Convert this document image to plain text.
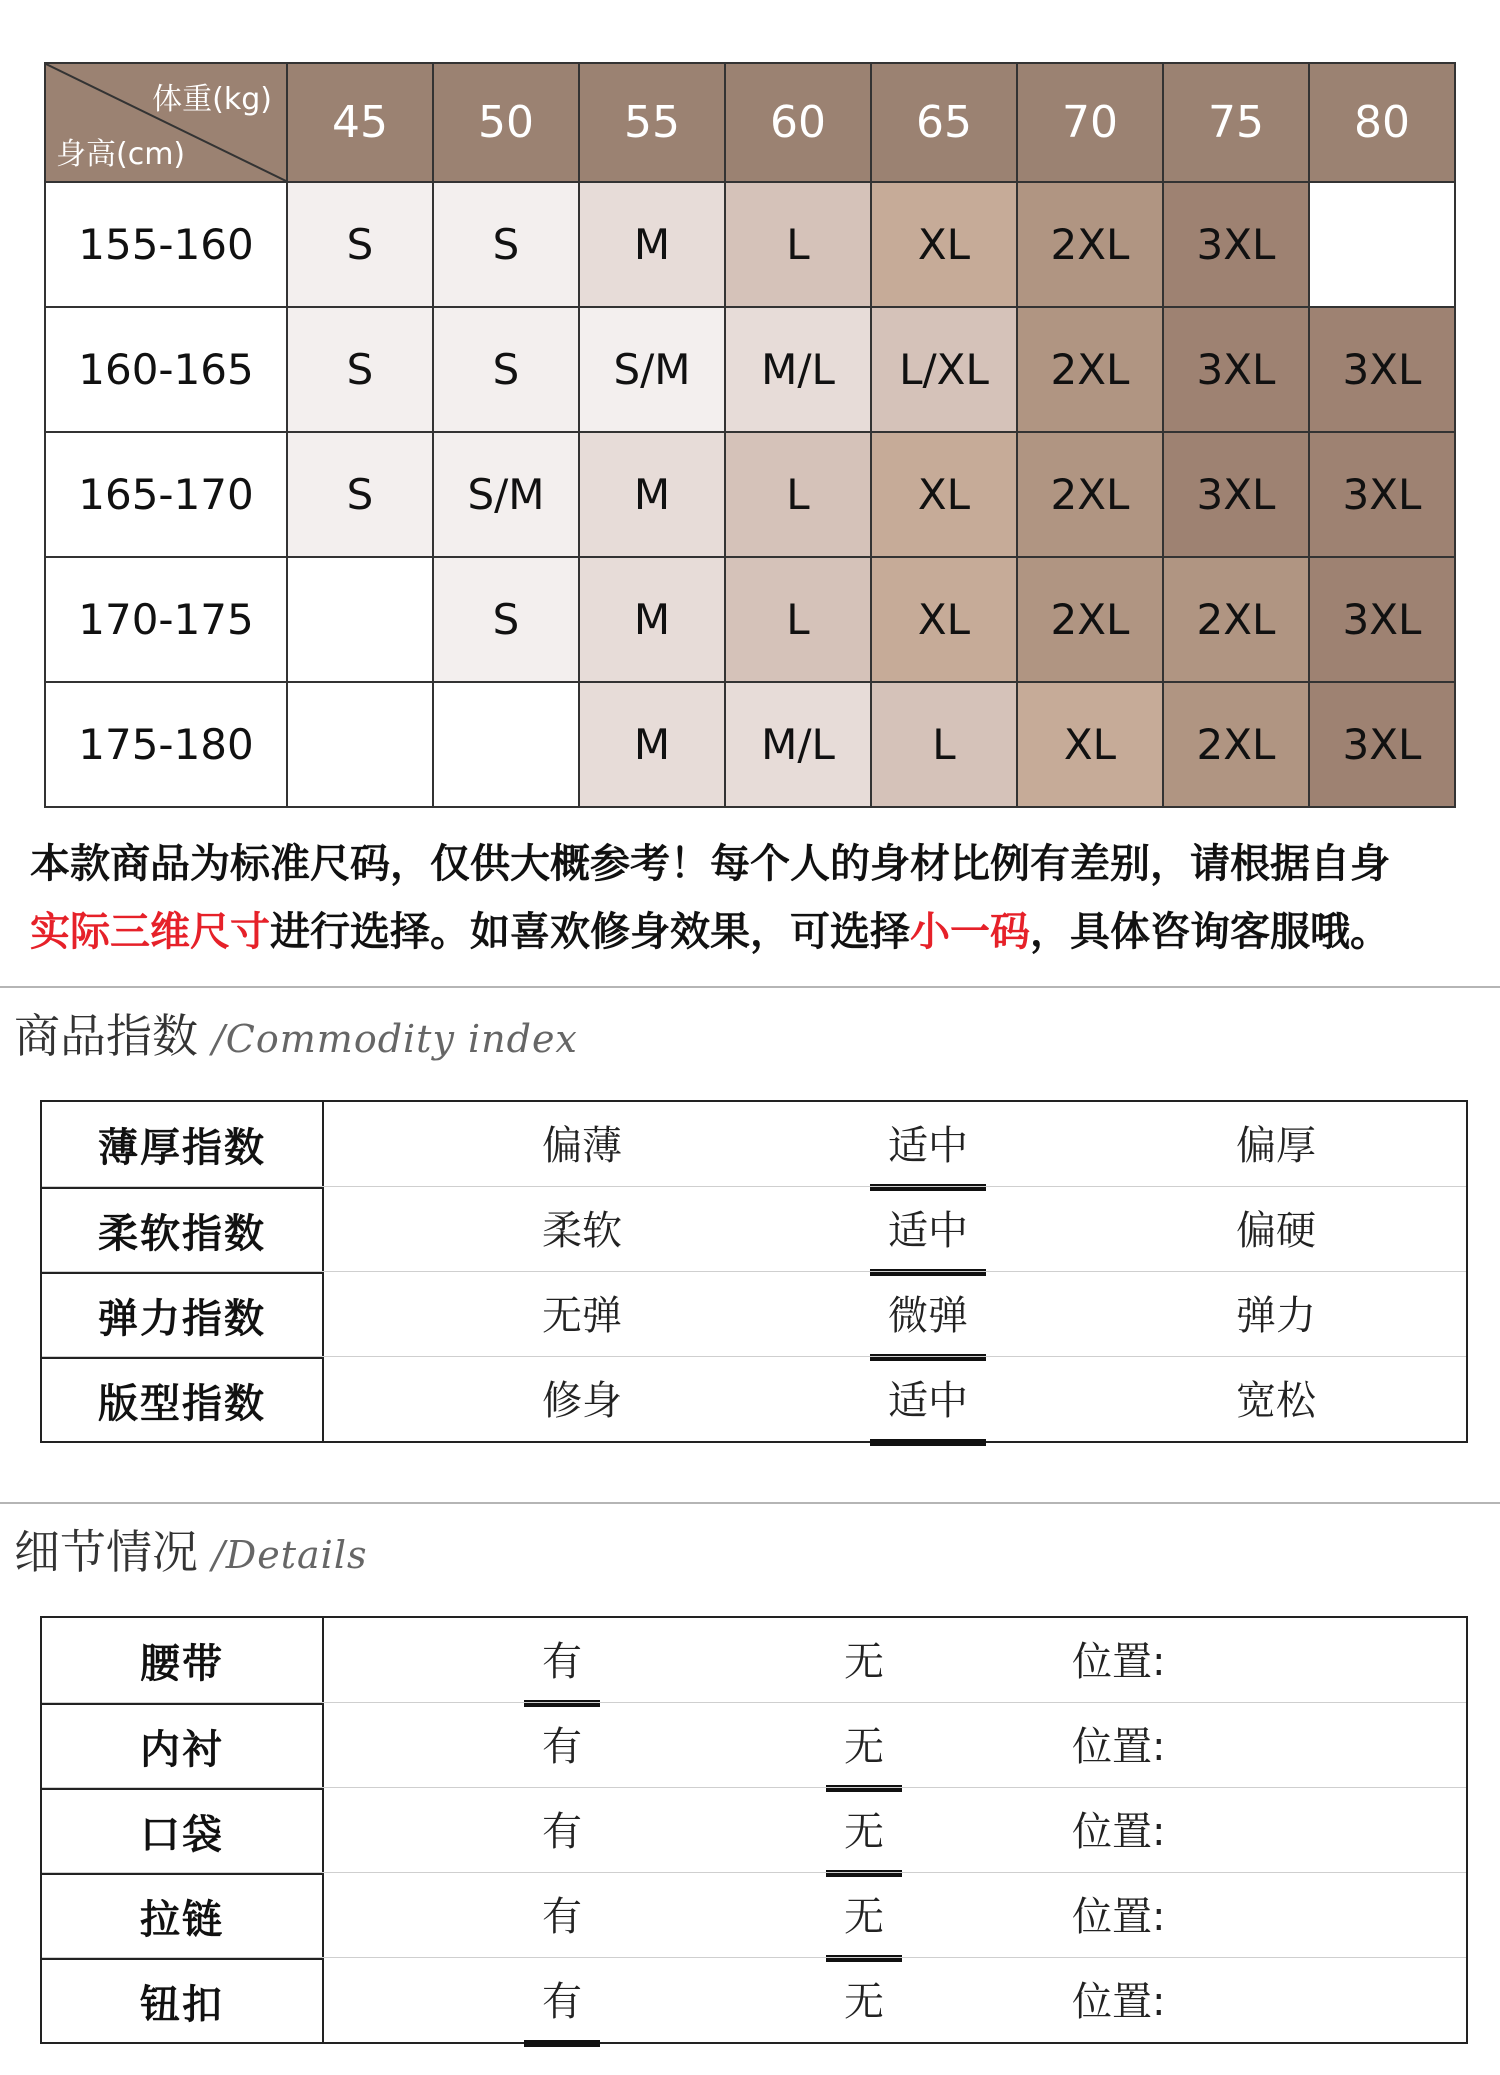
体重(kg)
身高(cm)	45	50	55	60	65	70	75	80
155-160	S	S	M	L	XL	2XL	3XL	
160-165	S	S	S/M	M/L	L/XL	2XL	3XL	3XL
165-170	S	S/M	M	L	XL	2XL	3XL	3XL
170-175		S	M	L	XL	2XL	2XL	3XL
175-180			M	M/L	L	XL	2XL	3XL
本款商品为标准尺码，仅供大概参考！每个人的身材比例有差别，请根据自身
实际三维尺寸进行选择。如喜欢修身效果，可选择小一码，具体咨询客服哦。
商品指数 /Commodity index
薄厚指数	偏薄	适中	偏厚
柔软指数	柔软	适中	偏硬
弹力指数	无弹	微弹	弹力
版型指数	修身	适中	宽松
细节情况 /Details
腰带	有	无	位置:
内衬	有	无	位置:
口袋	有	无	位置:
拉链	有	无	位置:
钮扣	有	无	位置:
